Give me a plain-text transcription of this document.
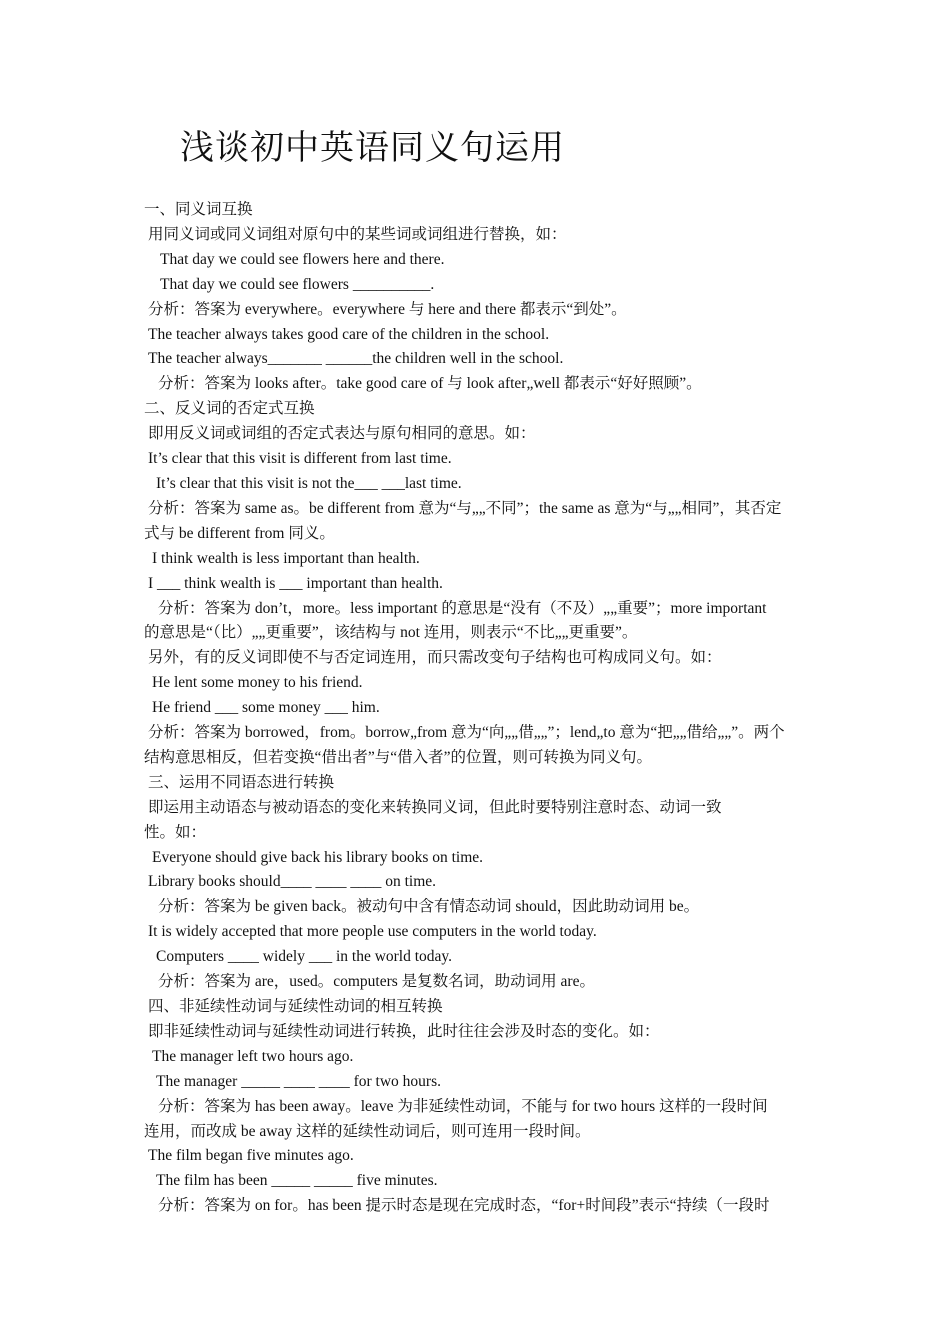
浅谈初中英语同义句运用
一、同义词互换
用同义词或同义词组对原句中的某些词或词组进行替换，如：
That day we could see flowers here and there.
That day we could see flowers __________.
分析：答案为 everywhere。everywhere 与 here and there 都表示“到处”。
The teacher always takes good care of the children in the school.
The teacher always_______ ______the children well in the school.
分析：答案为 looks after。take good care of 与 look after„well 都表示“好好照顾”。
二、反义词的否定式互换
即用反义词或词组的否定式表达与原句相同的意思。如：
It’s clear that this visit is different from last time.
It’s clear that this visit is not the___ ___last time.
分析：答案为 same as。be different from 意为“与„„不同”；the same as 意为“与„„相同”，其否定
式与 be different from 同义。
I think wealth is less important than health.
I ___ think wealth is ___ important than health.
分析：答案为 don’t，more。less important 的意思是“没有（不及）„„重要”；more important
的意思是“（比）„„更重要”，该结构与 not 连用，则表示“不比„„更重要”。
另外，有的反义词即使不与否定词连用，而只需改变句子结构也可构成同义句。如：
He lent some money to his friend.
He friend ___ some money ___ him.
分析：答案为 borrowed，from。borrow„from 意为“向„„借„„”；lend„to 意为“把„„借给„„”。两个
结构意思相反，但若变换“借出者”与“借入者”的位置，则可转换为同义句。
三、运用不同语态进行转换
即运用主动语态与被动语态的变化来转换同义词，但此时要特别注意时态、动词一致
性。如：
Everyone should give back his library books on time.
Library books should____ ____ ____ on time.
分析：答案为 be given back。被动句中含有情态动词 should，因此助动词用 be。
It is widely accepted that more people use computers in the world today.
Computers ____ widely ___ in the world today.
分析：答案为 are，used。computers 是复数名词，助动词用 are。
四、非延续性动词与延续性动词的相互转换
即非延续性动词与延续性动词进行转换，此时往往会涉及时态的变化。如：
The manager left two hours ago.
The manager _____ ____ ____ for two hours.
分析：答案为 has been away。leave 为非延续性动词，不能与 for two hours 这样的一段时间
连用，而改成 be away 这样的延续性动词后，则可连用一段时间。
The film began five minutes ago.
The film has been _____ _____ five minutes.
分析：答案为 on for。has been 提示时态是现在完成时态，“for+时间段”表示“持续（一段时
